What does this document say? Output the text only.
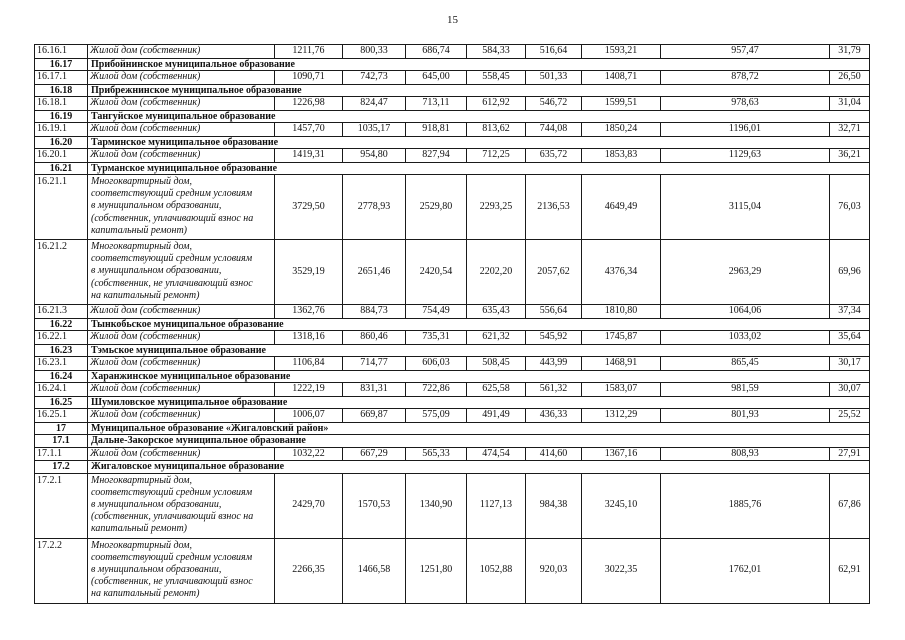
15
16.16.1	Жилой дом (собственник)	1211,76	800,33	686,74	584,33	516,64	1593,21	957,47	31,79
16.17	Прибойнинское муниципальное образование								
16.17.1	Жилой дом (собственник)	1090,71	742,73	645,00	558,45	501,33	1408,71	878,72	26,50
16.18	Прибрежнинское муниципальное образование								
16.18.1	Жилой дом (собственник)	1226,98	824,47	713,11	612,92	546,72	1599,51	978,63	31,04
16.19	Тангуйское муниципальное образование								
16.19.1	Жилой дом (собственник)	1457,70	1035,17	918,81	813,62	744,08	1850,24	1196,01	32,71
16.20	Тарминское муниципальное образование								
16.20.1	Жилой дом (собственник)	1419,31	954,80	827,94	712,25	635,72	1853,83	1129,63	36,21
16.21	Турманское муниципальное образование								
16.21.1	Многоквартирный дом,
соответствующий средним условиям
в муниципальном образовании,
(собственник, уплачивающий взнос на
капитальный ремонт)	3729,50	2778,93	2529,80	2293,25	2136,53	4649,49	3115,04	76,03
16.21.2	Многоквартирный дом,
соответствующий средним условиям
в муниципальном образовании,
(собственник, не уплачивающий взнос
на капитальный ремонт)	3529,19	2651,46	2420,54	2202,20	2057,62	4376,34	2963,29	69,96
16.21.3	Жилой дом (собственник)	1362,76	884,73	754,49	635,43	556,64	1810,80	1064,06	37,34
16.22	Тынкобьское муниципальное образование								
16.22.1	Жилой дом (собственник)	1318,16	860,46	735,31	621,32	545,92	1745,87	1033,02	35,64
16.23	Тэмьское муниципальное образование								
16.23.1	Жилой дом (собственник)	1106,84	714,77	606,03	508,45	443,99	1468,91	865,45	30,17
16.24	Харанжинское муниципальное образование								
16.24.1	Жилой дом (собственник)	1222,19	831,31	722,86	625,58	561,32	1583,07	981,59	30,07
16.25	Шумиловское муниципальное образование								
16.25.1	Жилой дом (собственник)	1006,07	669,87	575,09	491,49	436,33	1312,29	801,93	25,52
17	Муниципальное образование «Жигаловский район»								
17.1	Дальне-Закорское муниципальное образование								
17.1.1	Жилой дом (собственник)	1032,22	667,29	565,33	474,54	414,60	1367,16	808,93	27,91
17.2	Жигаловское муниципальное образование								
17.2.1	Многоквартирный дом,
соответствующий средним условиям
в муниципальном образовании,
(собственник, уплачивающий взнос на
капитальный ремонт)	2429,70	1570,53	1340,90	1127,13	984,38	3245,10	1885,76	67,86
17.2.2	Многоквартирный дом,
соответствующий средним условиям
в муниципальном образовании,
(собственник, не уплачивающий взнос
на капитальный ремонт)	2266,35	1466,58	1251,80	1052,88	920,03	3022,35	1762,01	62,91
